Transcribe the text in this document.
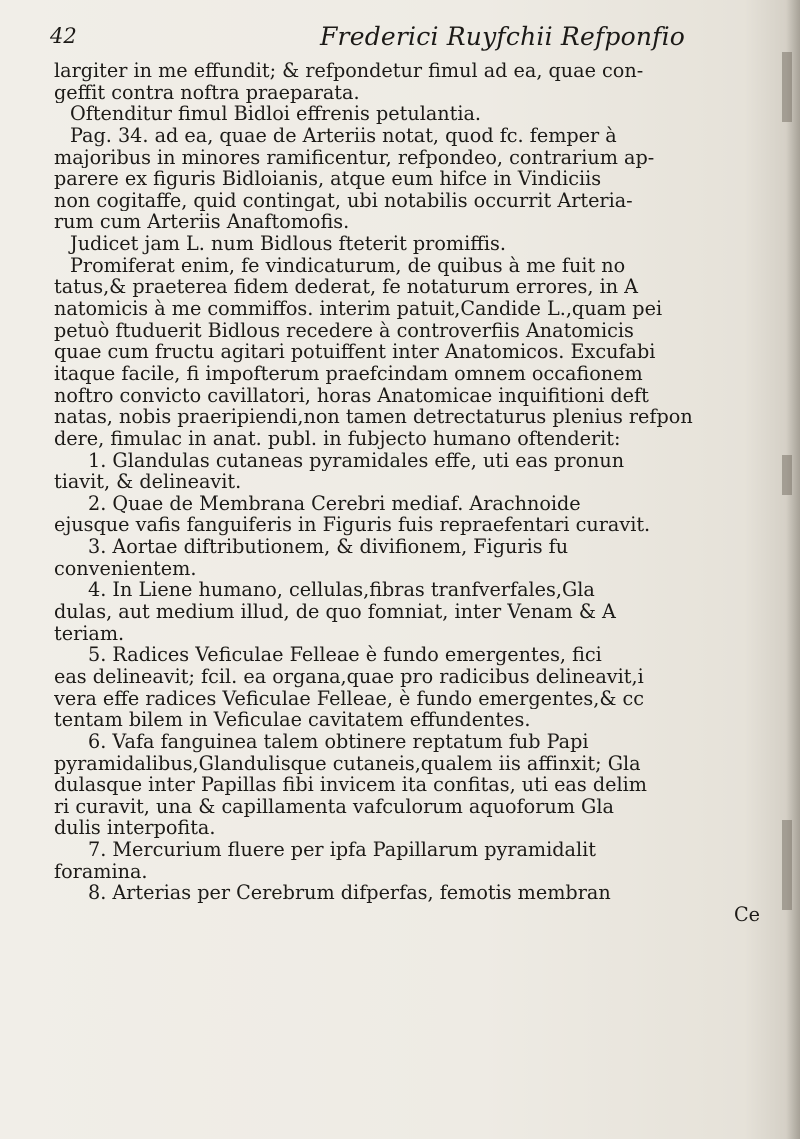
42	Frederici Ruyfchii Refponfio
largiter in me effundit; & refpondetur fimul ad ea, quae con-
geffit contra noftra praeparata.
Oftenditur fimul Bidloi effrenis petulantia.
Pag. 34. ad ea, quae de Arteriis notat, quod fc. femper à
majoribus in minores ramificentur, refpondeo, contrarium ap-
parere ex figuris Bidloianis, atque eum hifce in Vindiciis
non cogitaffe, quid contingat, ubi notabilis occurrit Arteria-
rum cum Arteriis Anaftomofis.
Judicet jam L. num Bidlous fteterit promiffis.
Promiferat enim, fe vindicaturum, de quibus à me fuit no
tatus,& praeterea fidem dederat, fe notaturum errores, in A
natomicis à me commiffos. interim patuit,Candide L.,quam pei
petuò ftuduerit Bidlous recedere à controverfiis Anatomicis
quae cum fructu agitari potuiffent inter Anatomicos. Excufabi
itaque facile, fi impofterum praefcindam omnem occafionem
noftro convicto cavillatori, horas Anatomicae inquifitioni deft
natas, nobis praeripiendi,non tamen detrectaturus plenius refpon
dere, fimulac in anat. publ. in fubjecto humano oftenderit:
1. Glandulas cutaneas pyramidales effe, uti eas pronun
tiavit, & delineavit.
2. Quae de Membrana Cerebri mediaf. Arachnoide
ejusque vafis fanguiferis in Figuris fuis repraefentari curavit.
3. Aortae diftributionem, & divifionem, Figuris fu
convenientem.
4. In Liene humano, cellulas,fibras tranfverfales,Gla
dulas, aut medium illud, de quo fomniat, inter Venam & A
teriam.
5. Radices Veficulae Felleae è fundo emergentes, fici
eas delineavit; fcil. ea organa,quae pro radicibus delineavit,i
vera effe radices Veficulae Felleae, è fundo emergentes,& cc
tentam bilem in Veficulae cavitatem effundentes.
6. Vafa fanguinea talem obtinere reptatum fub Papi
pyramidalibus,Glandulisque cutaneis,qualem iis affinxit; Gla
dulasque inter Papillas fibi invicem ita confitas, uti eas delim
ri curavit, una & capillamenta vafculorum aquoforum Gla
dulis interpofita.
7. Mercurium fluere per ipfa Papillarum pyramidalit
foramina.
8. Arterias per Cerebrum difperfas, femotis membran
Ce
